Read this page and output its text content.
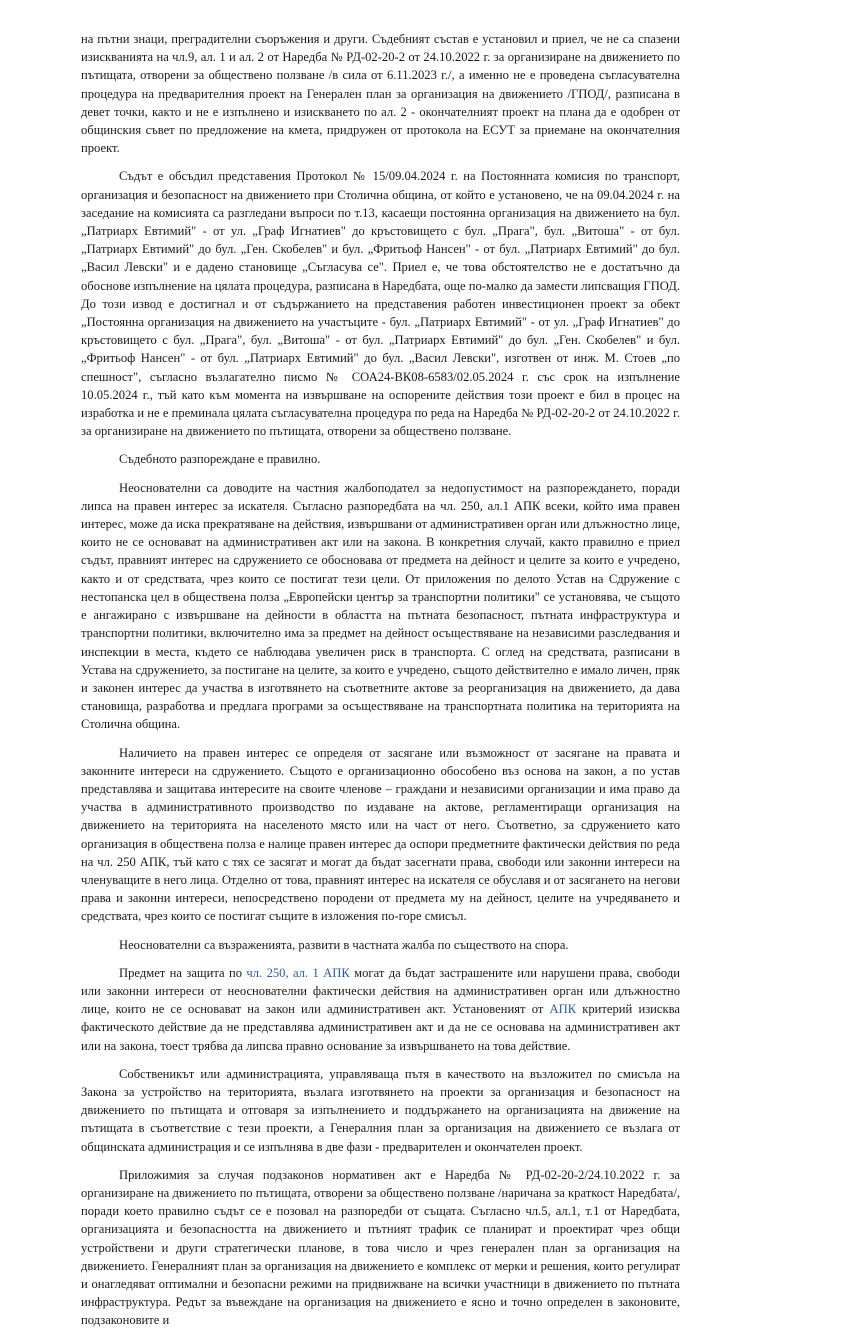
на пътни знаци, преградителни съоръжения и други. Съдебният състав е установил и приел, че не са спазени изискванията на чл.9, ал. 1 и ал. 2 от Наредба № РД-02-20-2 от 24.10.2022 г. за организиране на движението по пътищата, отворени за обществено ползване /в сила от 6.11.2023 г./, а именно не е проведена съгласувателна процедура на предварителния проект на Генерален план за организация на движението /ГПОД/, разписана в девет точки, както и не е изпълнено и изискването по ал. 2 - окончателният проект на плана да е одобрен от общинския съвет по предложение на кмета, придружен от протокола на ЕСУТ за приемане на окончателния проект.

Съдът е обсъдил представения Протокол № 15/09.04.2024 г. на Постоянната комисия по транспорт, организация и безопасност на движението при Столична община, от който е установено, че на 09.04.2024 г. на заседание на комисията са разгледани въпроси по т.13, касаещи постоянна организация на движението на бул. „Патриарх Евтимий" - от ул. „Граф Игнатиев" до кръстовището с бул. „Прага", бул. „Витоша" - от бул. „Патриарх Евтимий" до бул. „Ген. Скобелев" и бул. „Фритьоф Нансен" - от бул. „Патриарх Евтимий" до бул. „Васил Левски" и е дадено становище „Съгласува се". Приел е, че това обстоятелство не е достатъчно да обоснове изпълнение на цялата процедура, разписана в Наредбата, още по-малко да замести липсващия ГПОД. До този извод е достигнал и от съдържанието на представения работен инвестиционен проект за обект „Постоянна организация на движението на участъците - бул. „Патриарх Евтимий" - от ул. „Граф Игнатиев" до кръстовището с бул. „Прага", бул. „Витоша" - от бул. „Патриарх Евтимий" до бул. „Ген. Скобелев" и бул. „Фритьоф Нансен" - от бул. „Патриарх Евтимий" до бул. „Васил Левски", изготвен от инж. М. Стоев „по спешност", съгласно възлагателно писмо № СОА24-ВК08-6583/02.05.2024 г. със срок на изпълнение 10.05.2024 г., тъй като към момента на извършване на оспорените действия този проект е бил в процес на изработка и не е преминала цялата съгласувателна процедура по реда на Наредба № РД-02-20-2 от 24.10.2022 г. за организиране на движението по пътищата, отворени за обществено ползване.

Съдебното разпореждане е правилно.

Неоснователни са доводите на частния жалбоподател за недопустимост на разпореждането, поради липса на правен интерес за искателя. Съгласно разпоредбата на чл. 250, ал.1 АПК всеки, който има правен интерес, може да иска прекратяване на действия, извършвани от административен орган или длъжностно лице, които не се основават на административен акт или на закона. В конкретния случай, както правилно е приел съдът, правният интерес на сдружението се обосновава от предмета на дейност и целите за които е учредено, както и от средствата, чрез които се постигат тези цели. От приложения по делото Устав на Сдружение с нестопанска цел в обществена полза „Европейски център за транспортни политики" се установява, че същото е ангажирано с извършване на дейности в областта на пътната безопасност, пътната инфраструктура и транспортни политики, включително има за предмет на дейност осъществяване на независими разследвания и инспекции в места, където се наблюдава увеличен риск в транспорта. С оглед на средствата, разписани в Устава на сдружението, за постигане на целите, за които е учредено, същото действително е имало личен, пряк и законен интерес да участва в изготвянето на съответните актове за реорганизация на движението, да дава становища, разработва и предлага програми за осъществяване на транспортната политика на територията на Столична община.

Наличието на правен интерес се определя от засягане или възможност от засягане на правата и законните интереси на сдружението. Същото е организационно обособено въз основа на закон, а по устав представлява и защитава интересите на своите членове – граждани и независими организации и има право да участва в административното производство по издаване на актове, регламентиращи организация на движението на територията на населеното място или на част от него. Съответно, за сдружението като организация в обществена полза е налице правен интерес да оспори предметните фактически действия по реда на чл. 250 АПК, тъй като с тях се засягат и могат да бъдат засегнати права, свободи или законни интереси на членуващите в него лица. Отделно от това, правният интерес на искателя се обуславя и от засягането на негови права и законни интереси, непосредствено породени от предмета му на дейност, целите на учредяването и средствата, чрез които се постигат същите в изложения по-горе смисъл.

Неоснователни са възраженията, развити в частната жалба по съществото на спора.

Предмет на защита по чл. 250, ал. 1 АПК могат да бъдат застрашените или нарушени права, свободи или законни интереси от неоснователни фактически действия на административен орган или длъжностно лице, които не се основават на закон или административен акт. Установеният от АПК критерий изисква фактическото действие да не представлява административен акт и да не се основава на административен акт или на закона, тоест трябва да липсва правно основание за извършването на това действие.

Собственикът или администрацията, управляваща пътя в качеството на възложител по смисъла на Закона за устройство на територията, възлага изготвянето на проекти за организация и безопасност на движението по пътищата и отговаря за изпълнението и поддържането на организацията на движение на пътищата в съответствие с тези проекти, а Генералния план за организация на движението се възлага от общинската администрация и се изпълнява в две фази - предварителен и окончателен проект.

Приложимия за случая подзаконов нормативен акт е Наредба № РД-02-20-2/24.10.2022 г. за организиране на движението по пътищата, отворени за обществено ползване /наричана за краткост Наредбата/, поради което правилно съдът се е позовал на разпоредби от същата. Съгласно чл.5, ал.1, т.1 от Наредбата, организацията и безопасността на движението и пътният трафик се планират и проектират чрез общи устройствени и други стратегически планове, в това число и чрез генерален план за организация на движението. Генералният план за организация на движението е комплекс от мерки и решения, които регулират и онагледяват оптимални и безопасни режими на придвижване на всички участници в движението по пътната инфраструктура. Редът за въвеждане на организация на движението е ясно и точно определен в законовите, подзаконовите и
